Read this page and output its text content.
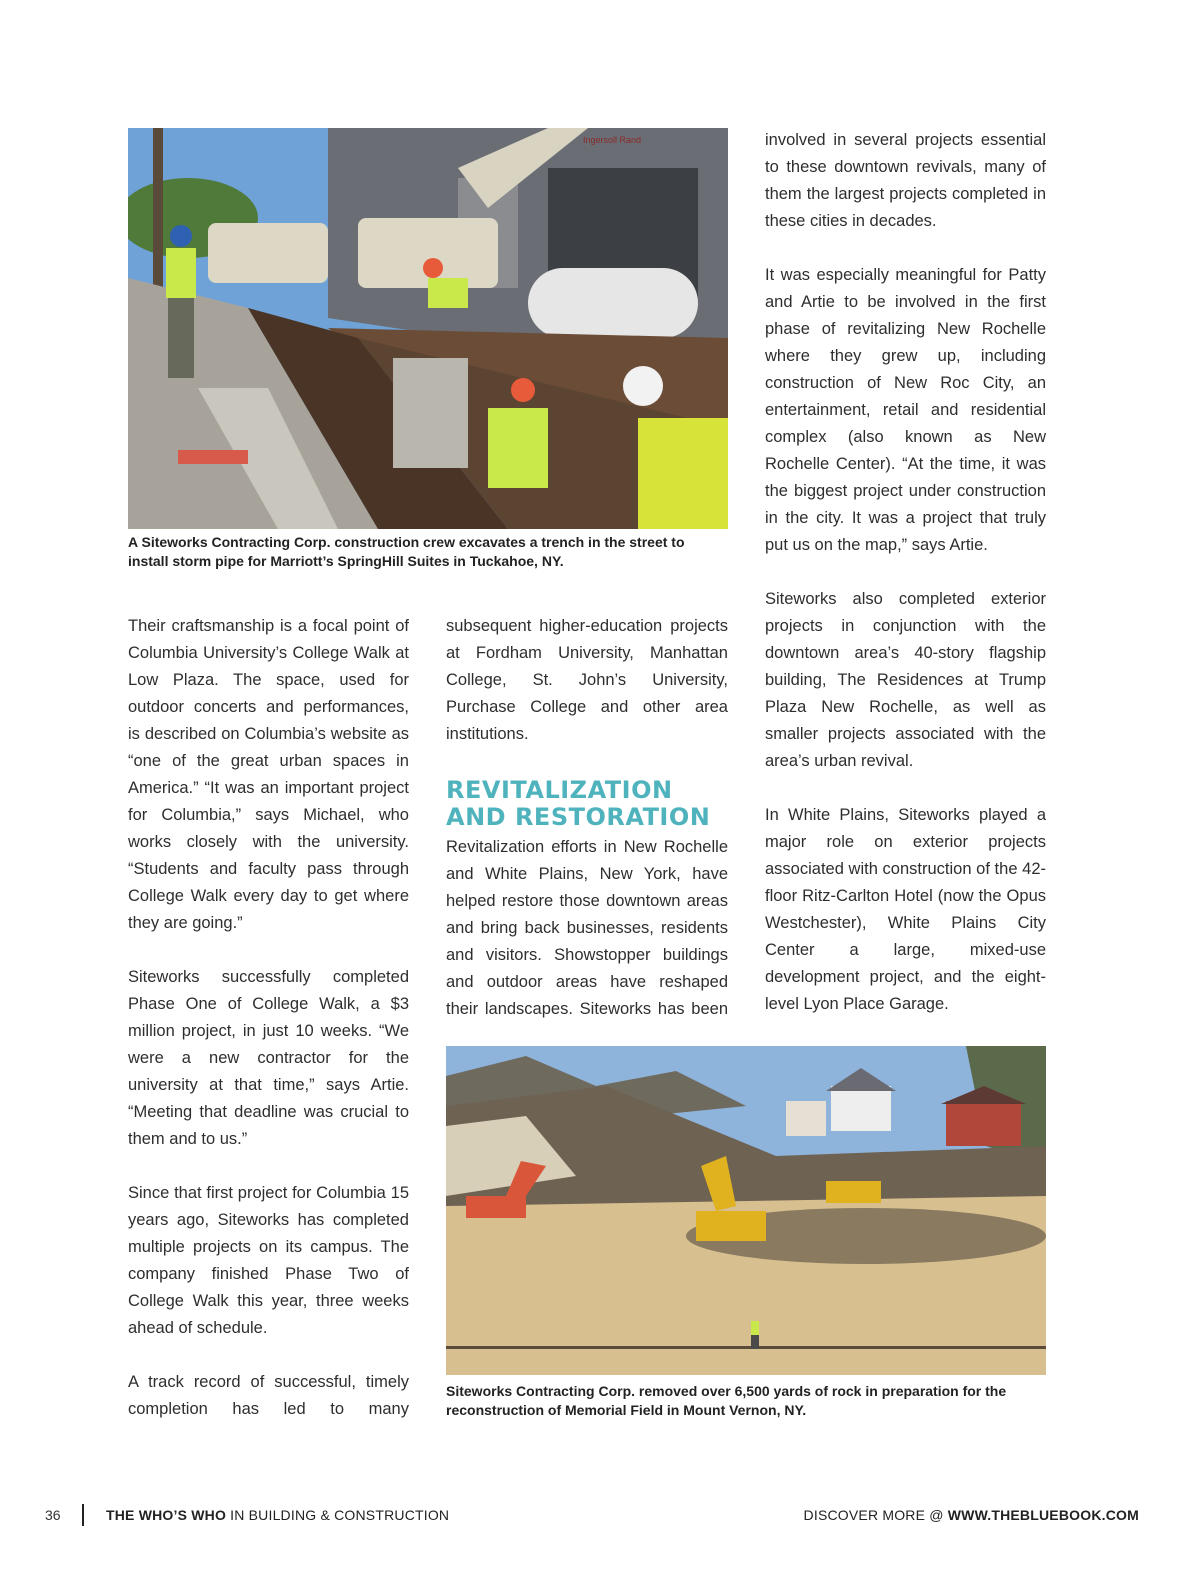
Ingersoll Rand

A Siteworks Contracting Corp. construction crew excavates a trench in the street to install storm pipe for Marriott’s SpringHill Suites in Tuckahoe, NY.

Siteworks Contracting Corp. removed over 6,500 yards of rock in preparation for the reconstruction of Memorial Field in Mount Vernon, NY.

Their craftsmanship is a focal point of Columbia University’s College Walk at Low Plaza. The space, used for outdoor concerts and performances, is described on Columbia’s website as “one of the great urban spaces in America.” “It was an important project for Columbia,” says Michael, who works closely with the university. “Students and faculty pass through College Walk every day to get where they are going.”

Siteworks successfully completed Phase One of College Walk, a $3 million project, in just 10 weeks. “We were a new contractor for the university at that time,” says Artie. “Meeting that deadline was crucial to them and to us.”

Since that first project for Columbia 15 years ago, Siteworks has completed multiple projects on its campus. The company finished Phase Two of College Walk this year, three weeks ahead of schedule.

A track record of successful, timely completion has led to many

subsequent higher-education projects at Fordham University, Manhattan College, St. John’s University, Purchase College and other area institutions.

REVITALIZATION

AND RESTORATION

Revitalization efforts in New Rochelle and White Plains, New York, have helped restore those downtown areas and bring back businesses, residents and visitors. Showstopper buildings and outdoor areas have reshaped their landscapes. Siteworks has been

involved in several projects essential to these downtown revivals, many of them the largest projects completed in these cities in decades.

It was especially meaningful for Patty and Artie to be involved in the first phase of revitalizing New Rochelle where they grew up, including construction of New Roc City, an entertainment, retail and residential complex (also known as New Rochelle Center). “At the time, it was the biggest project under construction in the city. It was a project that truly put us on the map,” says Artie.

Siteworks also completed exterior projects in conjunction with the downtown area’s 40-story flagship building, The Residences at Trump Plaza New Rochelle, as well as smaller projects associated with the area’s urban revival.

In White Plains, Siteworks played a major role on exterior projects associated with construction of the 42-floor Ritz-Carlton Hotel (now the Opus Westchester), White Plains City Center a large, mixed-use development project, and the eight-level Lyon Place Garage.

36	THE WHO’S WHO IN BUILDING & CONSTRUCTION	DISCOVER MORE @ WWW.THEBLUEBOOK.COM
